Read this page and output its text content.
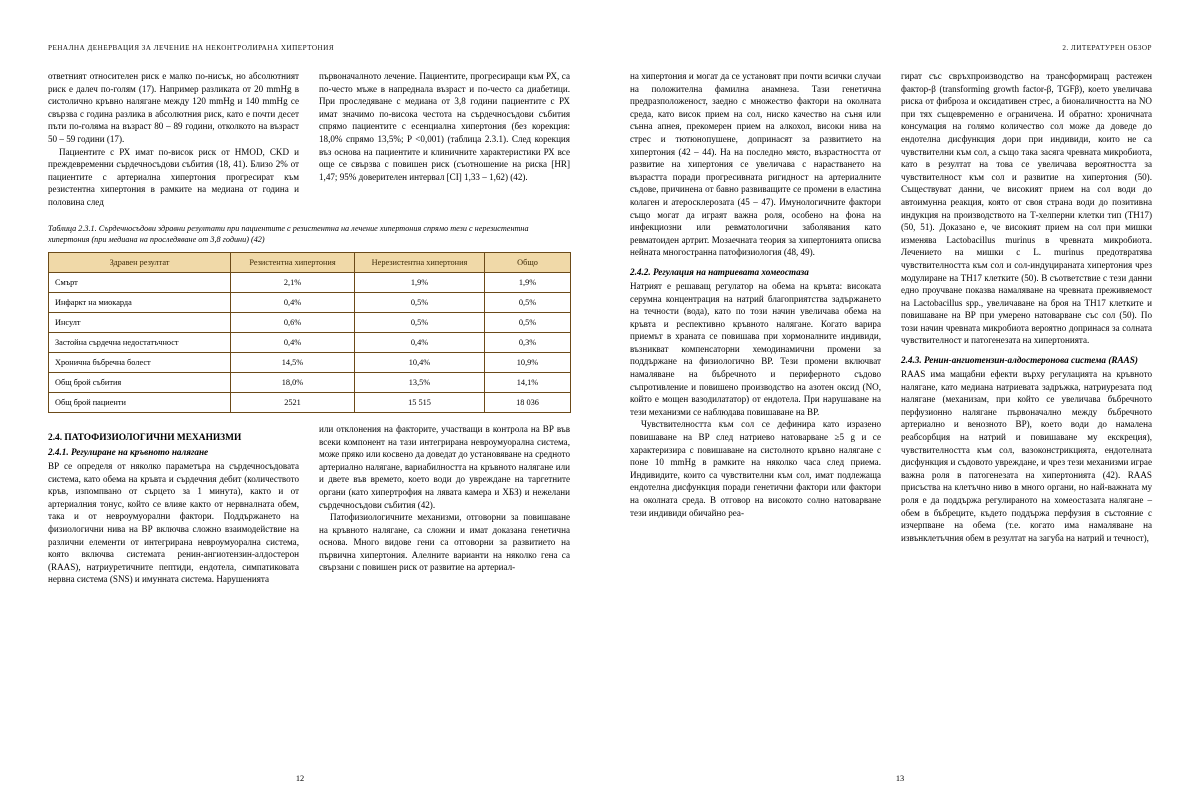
РЕНАЛНА ДЕНЕРВАЦИЯ ЗА ЛЕЧЕНИЕ НА НЕКОНТРОЛИРАНА ХИПЕРТОНИЯ

ответният относителен риск е малко по-нисък, но абсолютният риск е далеч по-голям (17). Например разликата от 20 mmHg в систолично кръвно налягане между 120 mmHg и 140 mmHg се свързва с година разлика в абсолютния риск, като е почти десет пъти по-голяма на възраст 80 – 89 години, отколкото на възраст 50 – 59 години (17).

Пациентите с РХ имат по-висок риск от HMOD, CKD и преждевременни сърдечносъдови събития (18, 41). Близо 2% от пациентите с артериална хипертония прогресират към резистентна хипертония в рамките на медиана от година и половина след

първоначалното лечение. Пациентите, прогресиращи към РХ, са по-често мъже в напреднала възраст и по-често са диабетици. При проследяване с медиана от 3,8 години пациентите с РХ имат значимо по-висока честота на сърдечносъдови събития спрямо пациентите с есенциална хипертония (без корекция: 18,0% спрямо 13,5%; P <0,001) (таблица 2.3.1). След корекция въз основа на пациентите и клиничните характеристики РХ все още се свързва с повишен риск (съотношение на риска [HR] 1,47; 95% доверителен интервал [CI] 1,33 – 1,62) (42).

Таблица 2.3.1. Сърдечносъдови здравни резултати при пациентите с резистентна на лечение хипертония спрямо тези с нерезистентна хипертония (при медиана на проследяване от 3,8 години) (42)
Здравен резултат	Резистентна хипертония	Нерезистентна хипертония	Общо
Смърт	2,1%	1,9%	1,9%
Инфаркт на миокарда	0,4%	0,5%	0,5%
Инсулт	0,6%	0,5%	0,5%
Застойна сърдечна недостатъчност	0,4%	0,4%	0,3%
Хронична бъбречна болест	14,5%	10,4%	10,9%
Общ брой събития	18,0%	13,5%	14,1%
Общ брой пациенти	2521	15 515	18 036
2.4. ПАТОФИЗИОЛОГИЧНИ МЕХАНИЗМИ
2.4.1. Регулиране на кръвното налягане

ВР се определя от няколко параметъра на сърдечносъдовата система, като обема на кръвта и сърдечния дебит (количеството кръв, изпомпвано от сърцето за 1 минута), както и от артериалния тонус, който се влияе както от нервналната обем, така и от невроумуорални фактори. Поддържането на физиологични нива на ВР включва сложно взаимодействие на различни елементи от интегрирана невроумуорална система, която включва системата ренин-ангиотензин-алдостерон (RAAS), натриуретичните пептиди, ендотела, симпатиковата нервна система (SNS) и имунната система. Нарушенията

или отклонения на факторите, участващи в контрола на ВР във всеки компонент на тази интегрирана невроумуорална система, може пряко или косвено да доведат до установяване на средното артериално налягане, вариабилността на кръвното налягане или и двете във времето, което води до увреждане на таргетните органи (като хипертрофия на лявата камера и ХБЗ) и нежелани сърдечносъдови събития (42).

Патофизиологичните механизми, отговорни за повишаване на кръвното налягане, са сложни и имат доказана генетична основа. Много видове гени са отговорни за развитието на първична хипертония. Алелните варианти на няколко гена са свързани с повишен риск от развитие на артериал-

12
2. ЛИТЕРАТУРЕН ОБЗОР

на хипертония и могат да се установят при почти всички случаи на положителна фамилна анамнеза. Тази генетична предразположеност, заедно с множество фактори на околната среда, като висок прием на сол, ниско качество на съня или сънна апнея, прекомерен прием на алкохол, високи нива на стрес и тютюнопушене, допринасят за развитието на хипертония (42 – 44). На на последно място, възрастността от развитие на хипертония се увеличава с нарастването на възрастта поради прогресивната ригидност на артериалните съдове, причинена от бавно развиващите се промени в еластина колаген и атеросклерозата (45 – 47). Имунологичните фактори също могат да играят важна роля, особено на фона на инфекциозни или ревматологични заболявания като ревматоиден артрит. Мозаечната теория за хипертонията описва нейната многостранна патофизиология (48, 49).

2.4.2. Регулация на натриевата хомеостаза

Натрият е решаващ регулатор на обема на кръвта: високата серумна концентрация на натрий благоприятства задържането на течности (вода), като по този начин увеличава обема на кръвта и респективно кръвното налягане. Когато варира приемът в храната се повишава при хормоналните индивиди, възникват компенсаторни хемодинамични промени за поддържане на физиологично ВР. Тези промени включват намаляване на бъбречното и периферното съдово съпротивление и повишено производство на азотен оксид (NO, който е мощен вазодилататор) от ендотела. При нарушаване на тези механизми се наблюдава повишаване на ВР.

Чувствителността към сол се дефинира като изразено повишаване на ВР след натриево натоварване ≥5 g и се характеризира с повишаване на систолното кръвно налягане с поне 10 mmHg в рамките на няколко часа след приема. Индивидите, които са чувствителни към сол, имат подлежаща ендотелна дисфункция поради генетични фактори или фактори на околната среда. В отговор на високото солно натоварване тези индивиди обичайно реа-

гират със свръхпроизводство на трансформиращ растежен фактор-β (transforming growth factor-β, TGFβ), което увеличава риска от фиброза и оксидативен стрес, а бионаличността на NO при тях същевременно е ограничена. И обратно: хроничната консумация на голямо количество сол може да доведе до ендотелна дисфункция дори при индивиди, които не са чувствителни към сол, а също така засяга чревната микробиота, като в резултат на това се увеличава вероятността за чувствителност към сол и развитие на хипертония (50). Съществуват данни, че високият прием на сол води до автоимунна реакция, която от своя страна води до позитивна индукция на производството на Т-хелперни клетки тип (TH17) (50, 51). Доказано е, че високият прием на сол при мишки изменява Lactobacillus murinus в чревната микробиота. Лечението на мишки с L. murinus предотвратява чувствителността към сол и сол-индуцираната хипертония чрез модулиране на TH17 клетките (50). В съответствие с тези данни едно проучване показва намаляване на чревната преживяемост на Lactobacillus spp., увеличаване на броя на TH17 клетките и повишаване на ВР при умерено натоварване със сол (50). По този начин чревната микробиота вероятно допринася за солната чувствителност и патогенезата на хипертонията.

2.4.3. Ренин-ангиотензин-алдостеронова система (RAAS)

RAAS има мащабни ефекти върху регулацията на кръвното налягане, като медиана натриевата задръжка, натриурезата под налягане (механизам, при който се увеличава бъбречното перфузионно налягане първоначално между бъбречното артериално и венозното ВР), което води до намалена реабсорбция на натрий и повишаване му екскреция), чувствителността към сол, вазоконстрикцията, ендотелната дисфункция и съдовото увреждане, и чрез тези механизми играе важна роля в патогенезата на хипертонията (42). RAAS присъства на клетъчно ниво в много органи, но най-важната му роля е да поддържа регулираното на хомеостазата налягане – обем в бъбреците, където поддържа перфузия в състояние с изчерпване на обема (т.е. когато има намаляване на извънклетъчния обем в резултат на загуба на натрий и течност),

13
